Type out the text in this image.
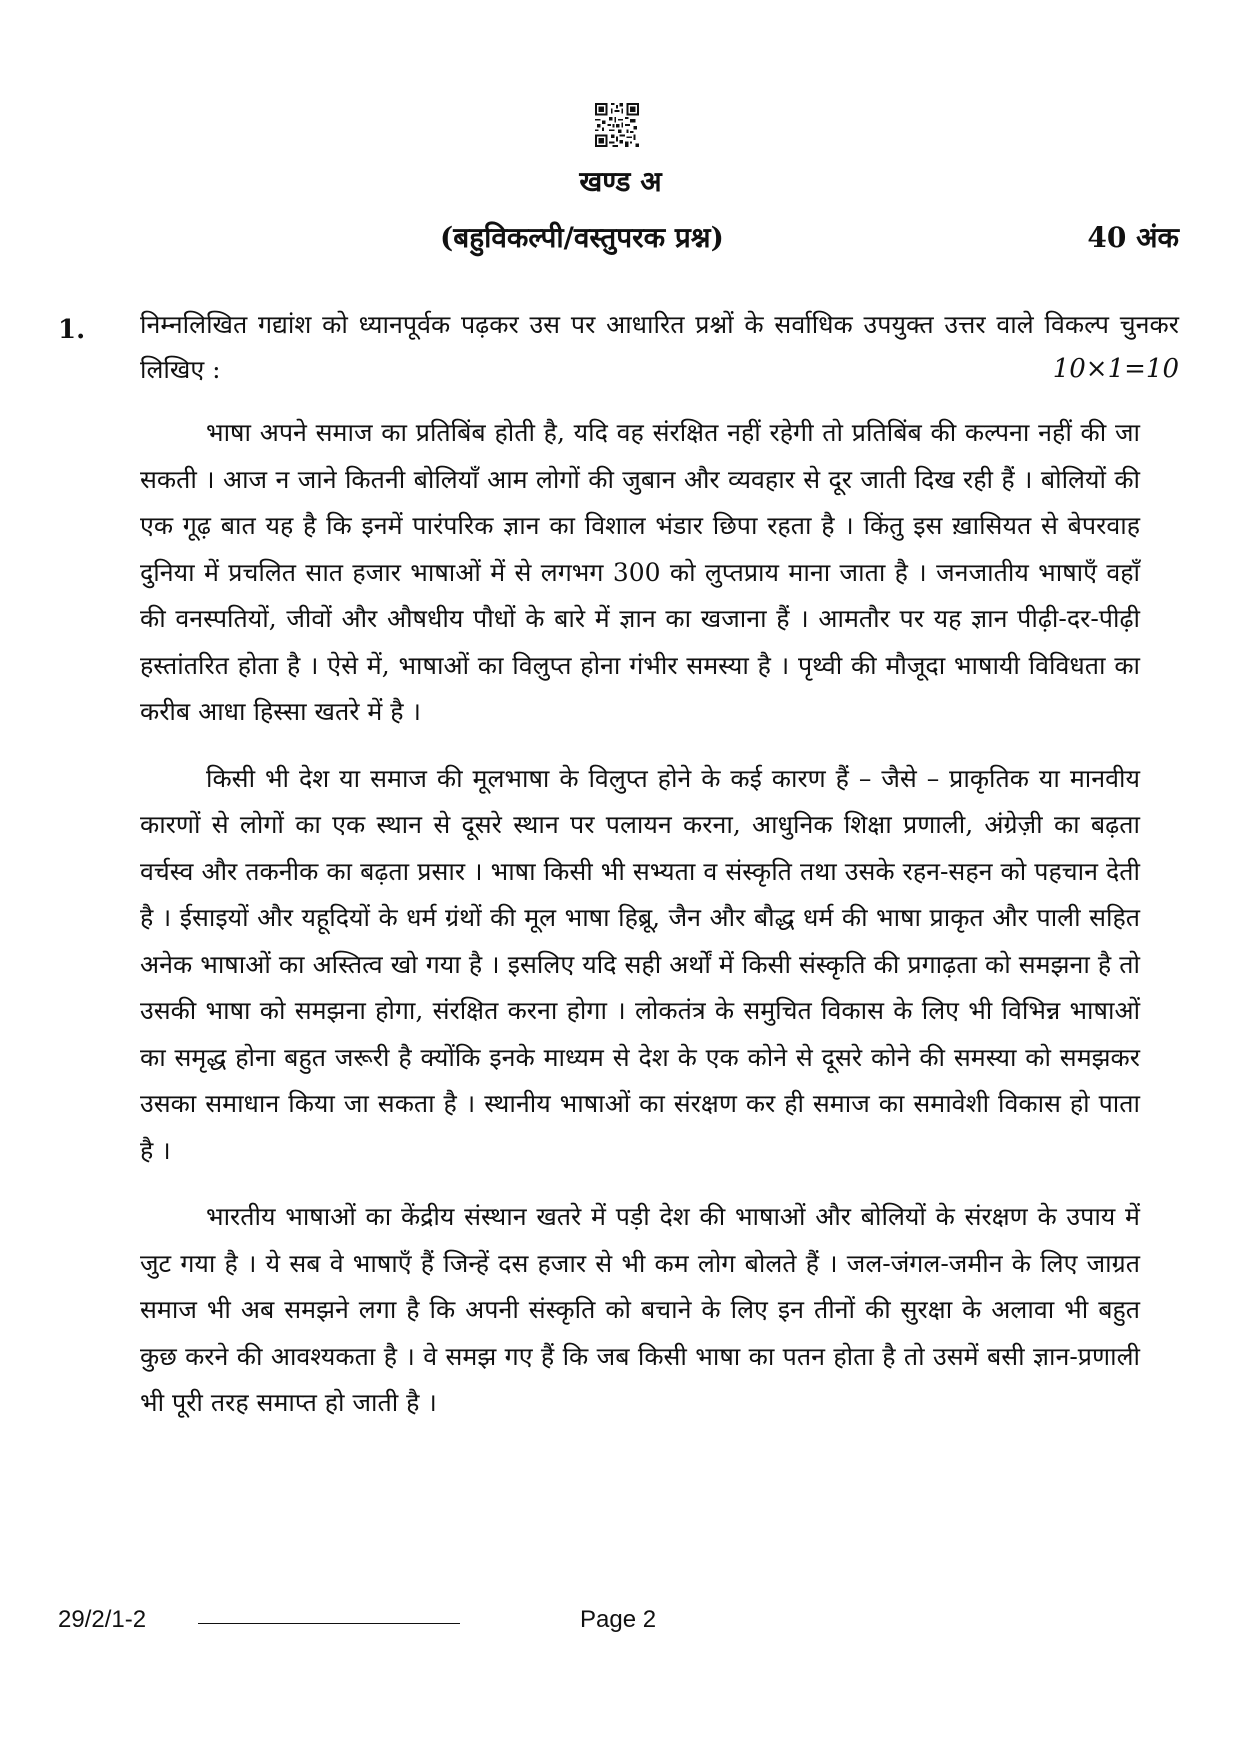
खण्ड अ
(बहुविकल्पी/वस्तुपरक प्रश्न)	40 अंक
1. निम्नलिखित गद्यांश को ध्यानपूर्वक पढ़कर उस पर आधारित प्रश्नों के सर्वाधिक उपयुक्त उत्तर वाले विकल्प चुनकर लिखिए :	10×1=10

भाषा अपने समाज का प्रतिबिंब होती है, यदि वह संरक्षित नहीं रहेगी तो प्रतिबिंब की कल्पना नहीं की जा सकती । आज न जाने कितनी बोलियाँ आम लोगों की जुबान और व्यवहार से दूर जाती दिख रही हैं । बोलियों की एक गूढ़ बात यह है कि इनमें पारंपरिक ज्ञान का विशाल भंडार छिपा रहता है । किंतु इस ख़ासियत से बेपरवाह दुनिया में प्रचलित सात हजार भाषाओं में से लगभग 300 को लुप्तप्राय माना जाता है । जनजातीय भाषाएँ वहाँ की वनस्पतियों, जीवों और औषधीय पौधों के बारे में ज्ञान का खजाना हैं । आमतौर पर यह ज्ञान पीढ़ी-दर-पीढ़ी हस्तांतरित होता है । ऐसे में, भाषाओं का विलुप्त होना गंभीर समस्या है । पृथ्वी की मौजूदा भाषायी विविधता का करीब आधा हिस्सा खतरे में है ।

किसी भी देश या समाज की मूलभाषा के विलुप्त होने के कई कारण हैं – जैसे – प्राकृतिक या मानवीय कारणों से लोगों का एक स्थान से दूसरे स्थान पर पलायन करना, आधुनिक शिक्षा प्रणाली, अंग्रेज़ी का बढ़ता वर्चस्व और तकनीक का बढ़ता प्रसार । भाषा किसी भी सभ्यता व संस्कृति तथा उसके रहन-सहन को पहचान देती है । ईसाइयों और यहूदियों के धर्म ग्रंथों की मूल भाषा हिब्रू, जैन और बौद्ध धर्म की भाषा प्राकृत और पाली सहित अनेक भाषाओं का अस्तित्व खो गया है । इसलिए यदि सही अर्थों में किसी संस्कृति की प्रगाढ़ता को समझना है तो उसकी भाषा को समझना होगा, संरक्षित करना होगा । लोकतंत्र के समुचित विकास के लिए भी विभिन्न भाषाओं का समृद्ध होना बहुत जरूरी है क्योंकि इनके माध्यम से देश के एक कोने से दूसरे कोने की समस्या को समझकर उसका समाधान किया जा सकता है । स्थानीय भाषाओं का संरक्षण कर ही समाज का समावेशी विकास हो पाता है ।

भारतीय भाषाओं का केंद्रीय संस्थान खतरे में पड़ी देश की भाषाओं और बोलियों के संरक्षण के उपाय में जुट गया है । ये सब वे भाषाएँ हैं जिन्हें दस हजार से भी कम लोग बोलते हैं । जल-जंगल-जमीन के लिए जाग्रत समाज भी अब समझने लगा है कि अपनी संस्कृति को बचाने के लिए इन तीनों की सुरक्षा के अलावा भी बहुत कुछ करने की आवश्यकता है । वे समझ गए हैं कि जब किसी भाषा का पतन होता है तो उसमें बसी ज्ञान-प्रणाली भी पूरी तरह समाप्त हो जाती है ।

29/2/1-2	Page 2
